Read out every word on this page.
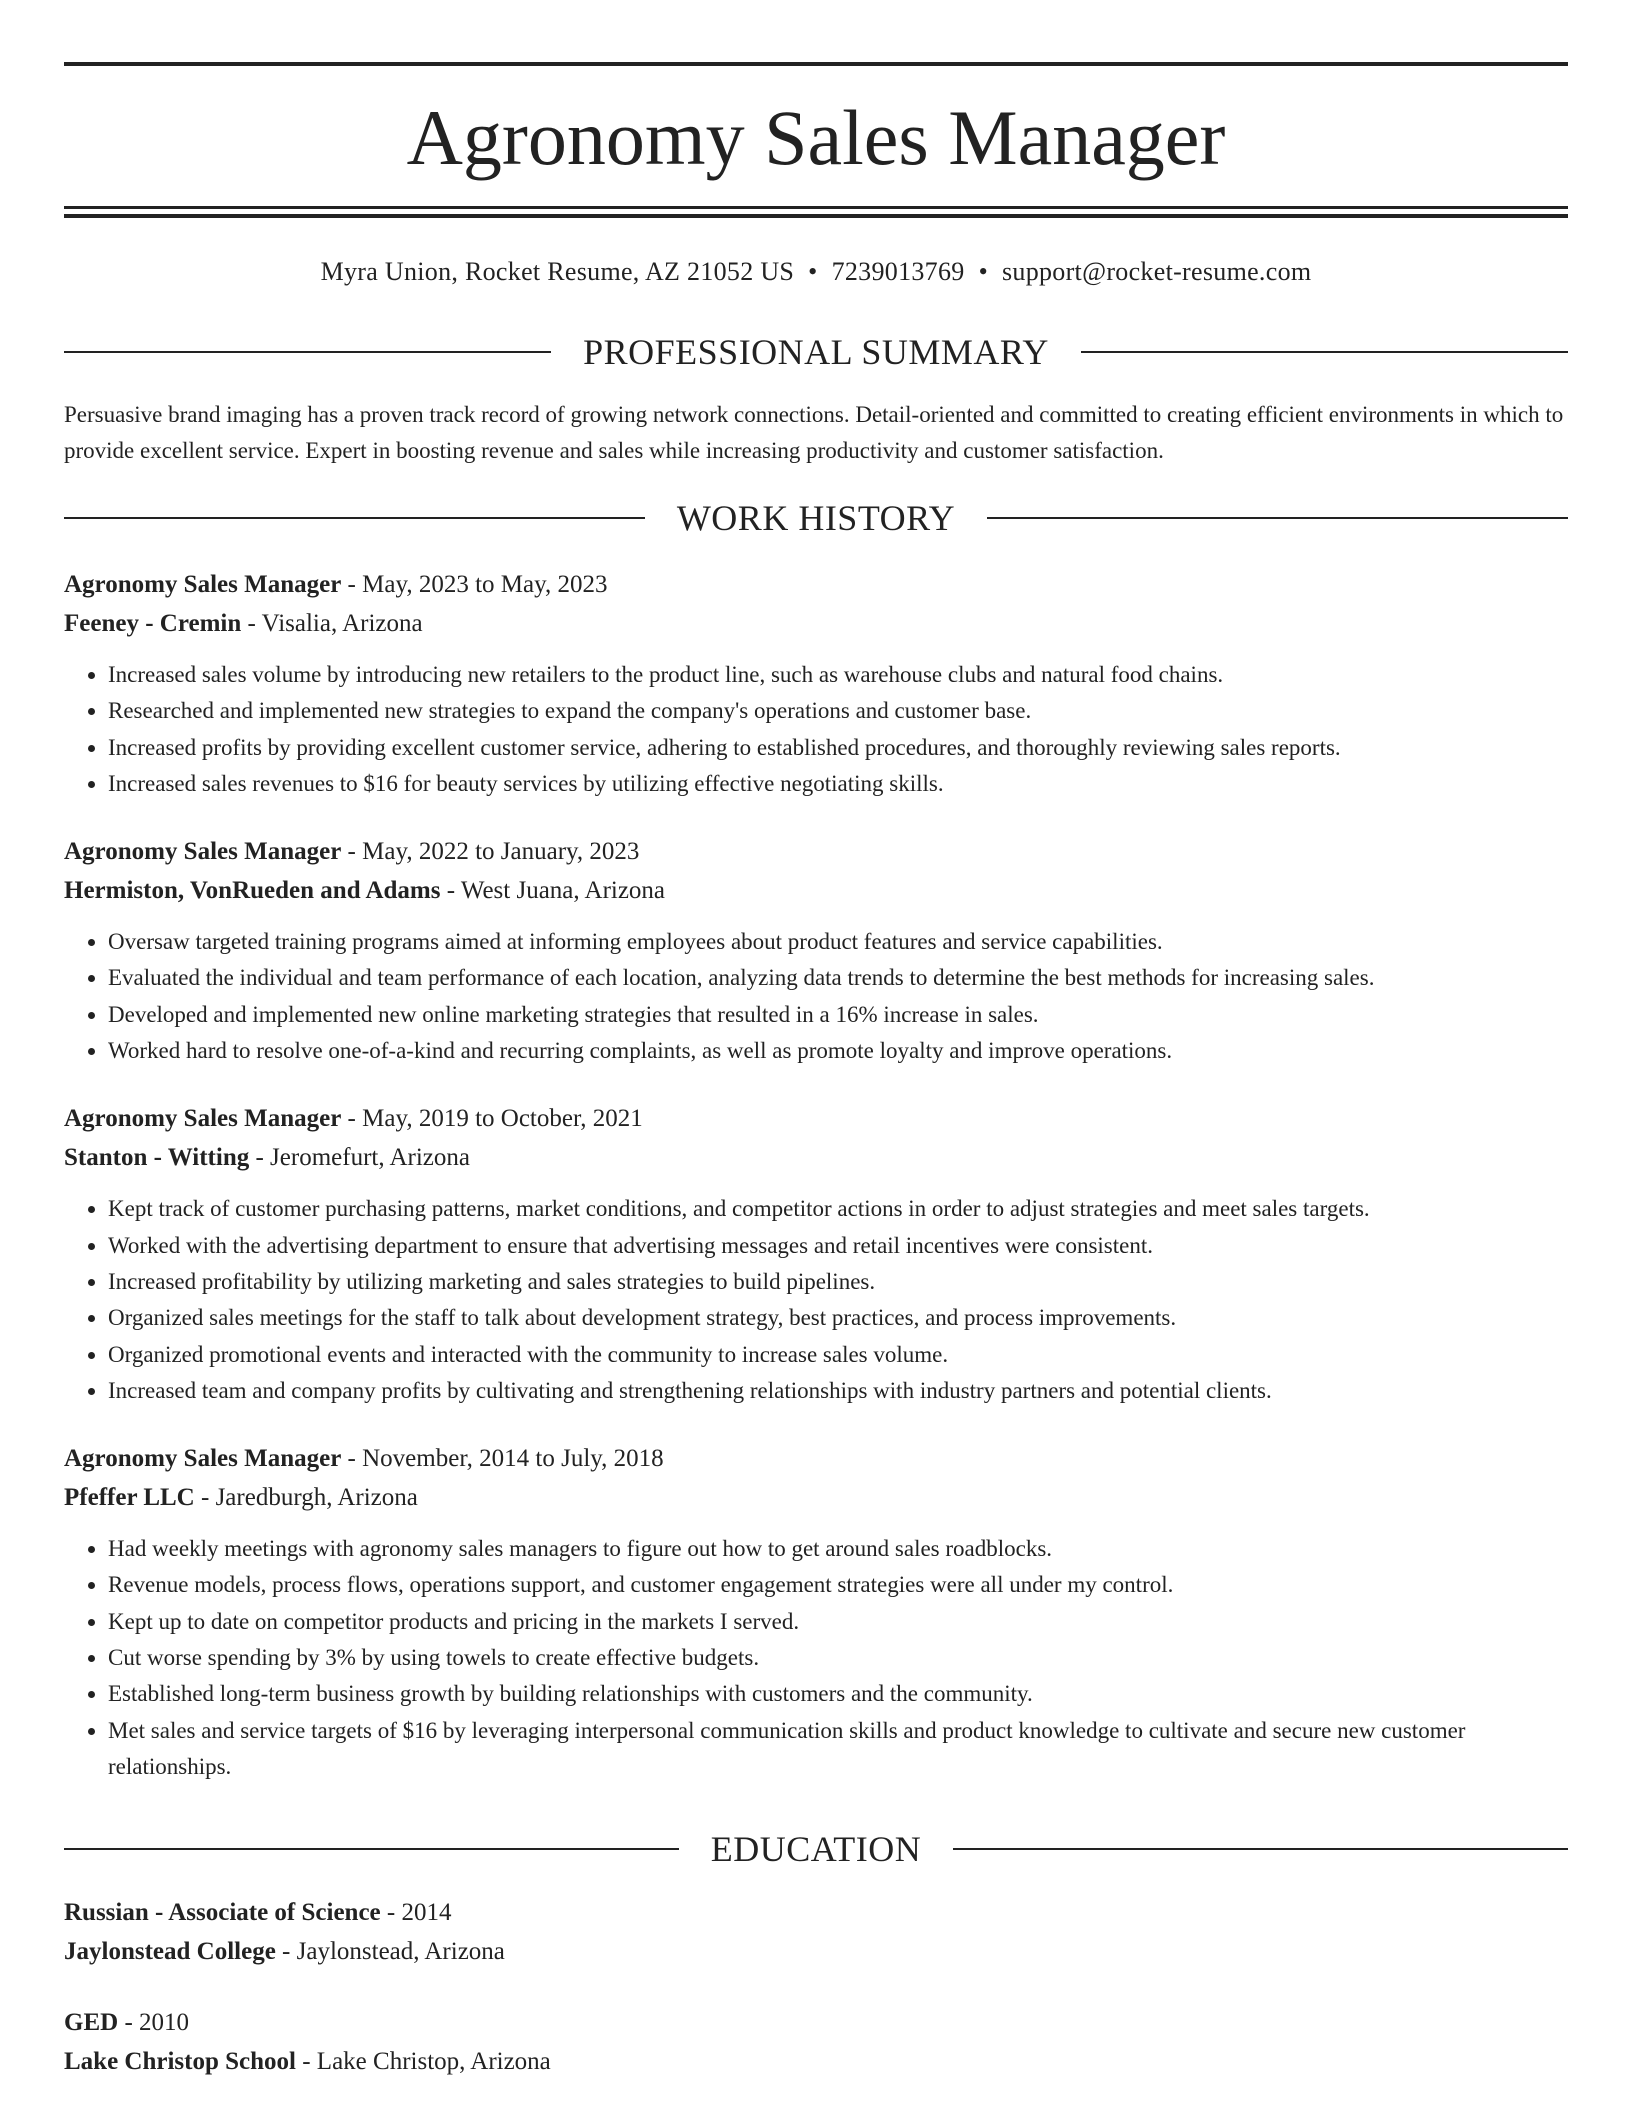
Agronomy Sales Manager
Myra Union, Rocket Resume, AZ 21052 US • 7239013769 • support@rocket-resume.com
PROFESSIONAL SUMMARY
Persuasive brand imaging has a proven track record of growing network connections. Detail-oriented and committed to creating efficient environments in which to provide excellent service. Expert in boosting revenue and sales while increasing productivity and customer satisfaction.
WORK HISTORY
Agronomy Sales Manager - May, 2023 to May, 2023
Feeney - Cremin - Visalia, Arizona
• Increased sales volume by introducing new retailers to the product line, such as warehouse clubs and natural food chains.
• Researched and implemented new strategies to expand the company's operations and customer base.
• Increased profits by providing excellent customer service, adhering to established procedures, and thoroughly reviewing sales reports.
• Increased sales revenues to $16 for beauty services by utilizing effective negotiating skills.
Agronomy Sales Manager - May, 2022 to January, 2023
Hermiston, VonRueden and Adams - West Juana, Arizona
• Oversaw targeted training programs aimed at informing employees about product features and service capabilities.
• Evaluated the individual and team performance of each location, analyzing data trends to determine the best methods for increasing sales.
• Developed and implemented new online marketing strategies that resulted in a 16% increase in sales.
• Worked hard to resolve one-of-a-kind and recurring complaints, as well as promote loyalty and improve operations.
Agronomy Sales Manager - May, 2019 to October, 2021
Stanton - Witting - Jeromefurt, Arizona
• Kept track of customer purchasing patterns, market conditions, and competitor actions in order to adjust strategies and meet sales targets.
• Worked with the advertising department to ensure that advertising messages and retail incentives were consistent.
• Increased profitability by utilizing marketing and sales strategies to build pipelines.
• Organized sales meetings for the staff to talk about development strategy, best practices, and process improvements.
• Organized promotional events and interacted with the community to increase sales volume.
• Increased team and company profits by cultivating and strengthening relationships with industry partners and potential clients.
Agronomy Sales Manager - November, 2014 to July, 2018
Pfeffer LLC - Jaredburgh, Arizona
• Had weekly meetings with agronomy sales managers to figure out how to get around sales roadblocks.
• Revenue models, process flows, operations support, and customer engagement strategies were all under my control.
• Kept up to date on competitor products and pricing in the markets I served.
• Cut worse spending by 3% by using towels to create effective budgets.
• Established long-term business growth by building relationships with customers and the community.
• Met sales and service targets of $16 by leveraging interpersonal communication skills and product knowledge to cultivate and secure new customer relationships.
EDUCATION
Russian - Associate of Science - 2014
Jaylonstead College - Jaylonstead, Arizona
GED - 2010
Lake Christop School - Lake Christop, Arizona
